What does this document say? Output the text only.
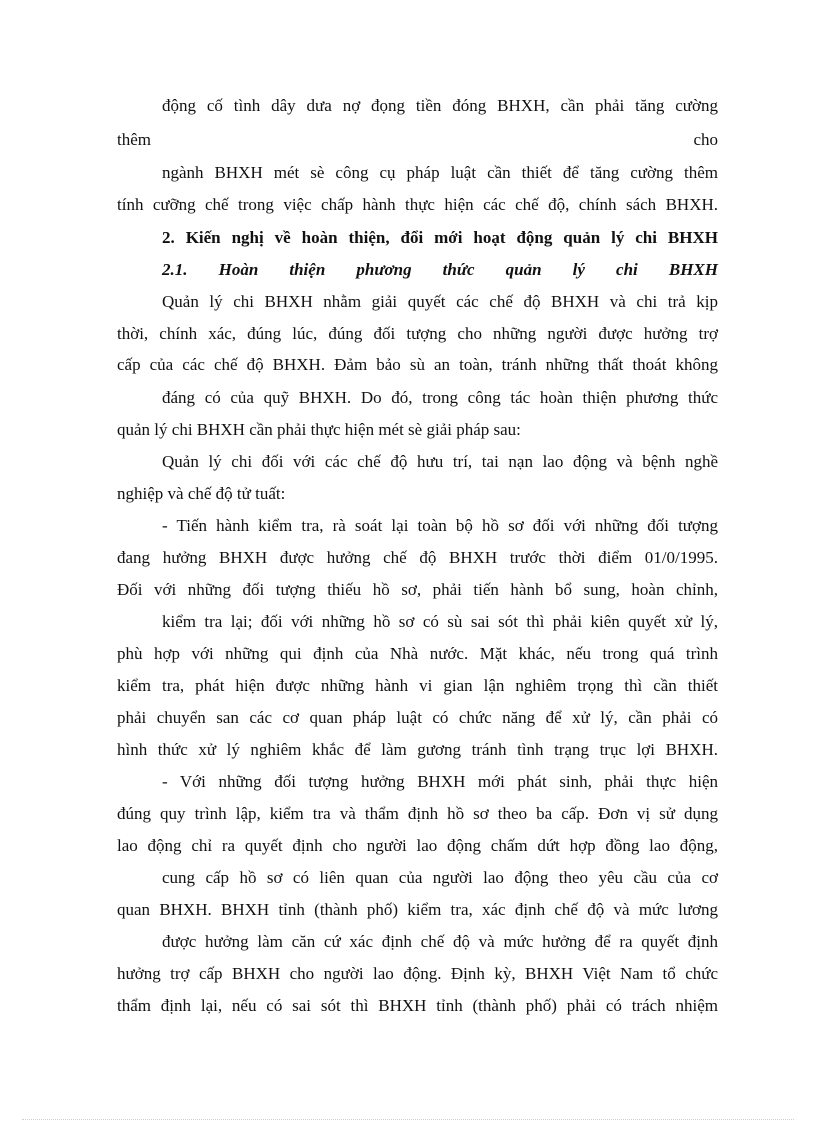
động cố tình dây dưa nợ đọng tiền đóng BHXH, cần phải tăng cường
thêm cho
ngành BHXH mét sè công cụ pháp luật cần thiết để tăng cường thêm
tính cưỡng chế trong việc chấp hành thực hiện các chế độ, chính sách BHXH.
2. Kiến nghị về hoàn thiện, đổi mới hoạt động quản lý chi BHXH
2.1. Hoàn thiện phương thức quản lý chi BHXH
Quản lý chi BHXH nhằm giải quyết các chế độ BHXH và chi trả kịp
thời, chính xác, đúng lúc, đúng đối tượng cho những người được hưởng trợ
cấp của các chế độ BHXH. Đảm bảo sù an toàn, tránh những thất thoát không
đáng có của quỹ BHXH. Do đó, trong công tác hoàn thiện phương thức
quản lý chi BHXH cần phải thực hiện mét sè giải pháp sau:
Quản lý chi đối với các chế độ hưu trí, tai nạn lao động và bệnh nghề
nghiệp và chế độ tử tuất:
- Tiến hành kiểm tra, rà soát lại toàn bộ hồ sơ đối với những đối tượng
đang hưởng BHXH được hưởng chế độ BHXH trước thời điểm 01/0/1995.
Đối với những đối tượng thiếu hồ sơ, phải tiến hành bổ sung, hoàn chỉnh,
kiểm tra lại; đối với những hồ sơ có sù sai sót thì phải kiên quyết xử lý,
phù hợp với những qui định của Nhà nước. Mặt khác, nếu trong quá trình
kiểm tra, phát hiện được những hành vi gian lận nghiêm trọng thì cần thiết
phải chuyển san các cơ quan pháp luật có chức năng để xử lý, cần phải có
hình thức xử lý nghiêm khắc để làm gương tránh tình trạng trục lợi BHXH.
- Với những đối tượng hưởng BHXH mới phát sinh, phải thực hiện
đúng quy trình lập, kiểm tra và thẩm định hồ sơ theo ba cấp. Đơn vị sử dụng
lao động chỉ ra quyết định cho người lao động chấm dứt hợp đồng lao động,
cung cấp hồ sơ có liên quan của người lao động theo yêu cầu của cơ
quan BHXH. BHXH tỉnh (thành phố) kiểm tra, xác định chế độ và mức lương
được hưởng làm căn cứ xác định chế độ và mức hưởng để ra quyết định
hưởng trợ cấp BHXH cho người lao động. Định kỳ, BHXH Việt Nam tổ chức
thẩm định lại, nếu có sai sót thì BHXH tỉnh (thành phố) phải có trách nhiệm
